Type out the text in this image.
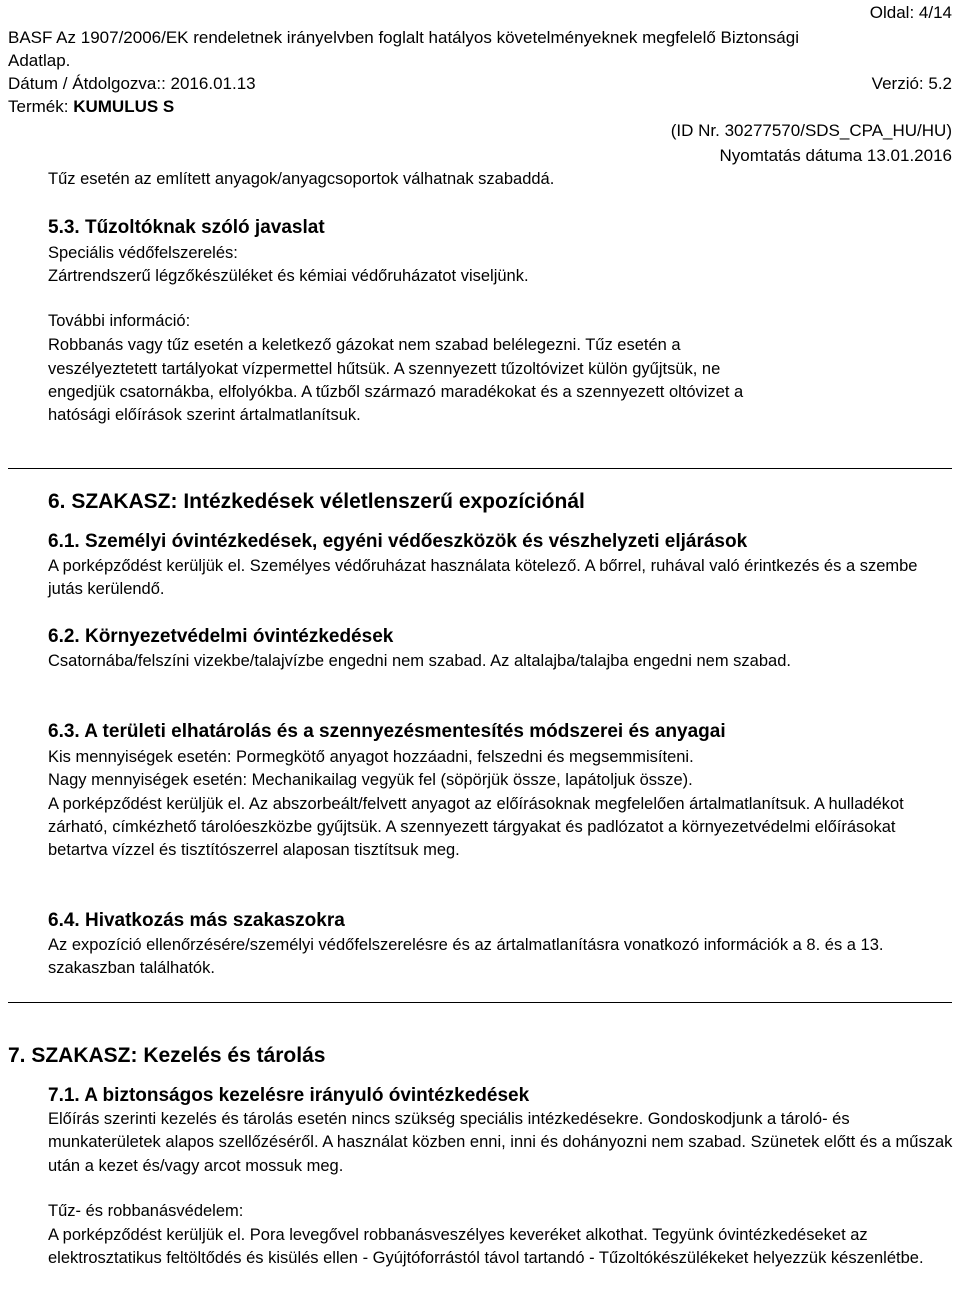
Oldal: 4/14
BASF Az 1907/2006/EK rendeletnek irányelvben foglalt hatályos követelményeknek megfelelő Biztonsági
Adatlap.
Dátum / Átdolgozva:: 2016.01.13	Verzió: 5.2
Termék: KUMULUS S
(ID Nr. 30277570/SDS_CPA_HU/HU)
Nyomtatás dátuma 13.01.2016
Tűz esetén az említett anyagok/anyagcsoportok válhatnak szabaddá.
5.3. Tűzoltóknak szóló javaslat
Speciális védőfelszerelés:
Zártrendszerű légzőkészüléket és kémiai védőruházatot viseljünk.
További információ:
Robbanás vagy tűz esetén a keletkező gázokat nem szabad belélegezni. Tűz esetén a
veszélyeztetett tartályokat vízpermettel hűtsük. A szennyezett tűzoltóvizet külön gyűjtsük, ne
engedjük csatornákba, elfolyókba. A tűzből származó maradékokat és a szennyezett oltóvizet a
hatósági előírások szerint ártalmatlanítsuk.
6. SZAKASZ: Intézkedések véletlenszerű expozíciónál
6.1. Személyi óvintézkedések, egyéni védőeszközök és vészhelyzeti eljárások

A porképződést kerüljük el. Személyes védőruházat használata kötelező. A bőrrel, ruhával való érintkezés és a szembe jutás kerülendő.

6.2. Környezetvédelmi óvintézkedések

Csatornába/felszíni vizekbe/talajvízbe engedni nem szabad. Az altalajba/talajba engedni nem szabad.

6.3. A területi elhatárolás és a szennyezésmentesítés módszerei és anyagai

Kis mennyiségek esetén: Pormegkötő anyagot hozzáadni, felszedni és megsemmisíteni.

Nagy mennyiségek esetén: Mechanikailag vegyük fel (söpörjük össze, lapátoljuk össze).

A porképződést kerüljük el. Az abszorbeált/felvett anyagot az előírásoknak megfelelően ártalmatlanítsuk. A hulladékot zárható, címkézhető tárolóeszközbe gyűjtsük. A szennyezett tárgyakat és padlózatot a környezetvédelmi előírásokat betartva vízzel és tisztítószerrel alaposan tisztítsuk meg.

6.4. Hivatkozás más szakaszokra

Az expozíció ellenőrzésére/személyi védőfelszerelésre és az ártalmatlanításra vonatkozó információk a 8. és a 13. szakaszban találhatók.

7. SZAKASZ: Kezelés és tárolás
7.1. A biztonságos kezelésre irányuló óvintézkedések

Előírás szerinti kezelés és tárolás esetén nincs szükség speciális intézkedésekre. Gondoskodjunk a tároló- és munkaterületek alapos szellőzéséről. A használat közben enni, inni és dohányozni nem szabad. Szünetek előtt és a műszak után a kezet és/vagy arcot mossuk meg.

Tűz- és robbanásvédelem:

A porképződést kerüljük el. Pora levegővel robbanásveszélyes keveréket alkothat. Tegyünk óvintézkedéseket az elektrosztatikus feltöltődés és kisülés ellen - Gyújtóforrástól távol tartandó - Tűzoltókészülékeket helyezzük készenlétbe.
